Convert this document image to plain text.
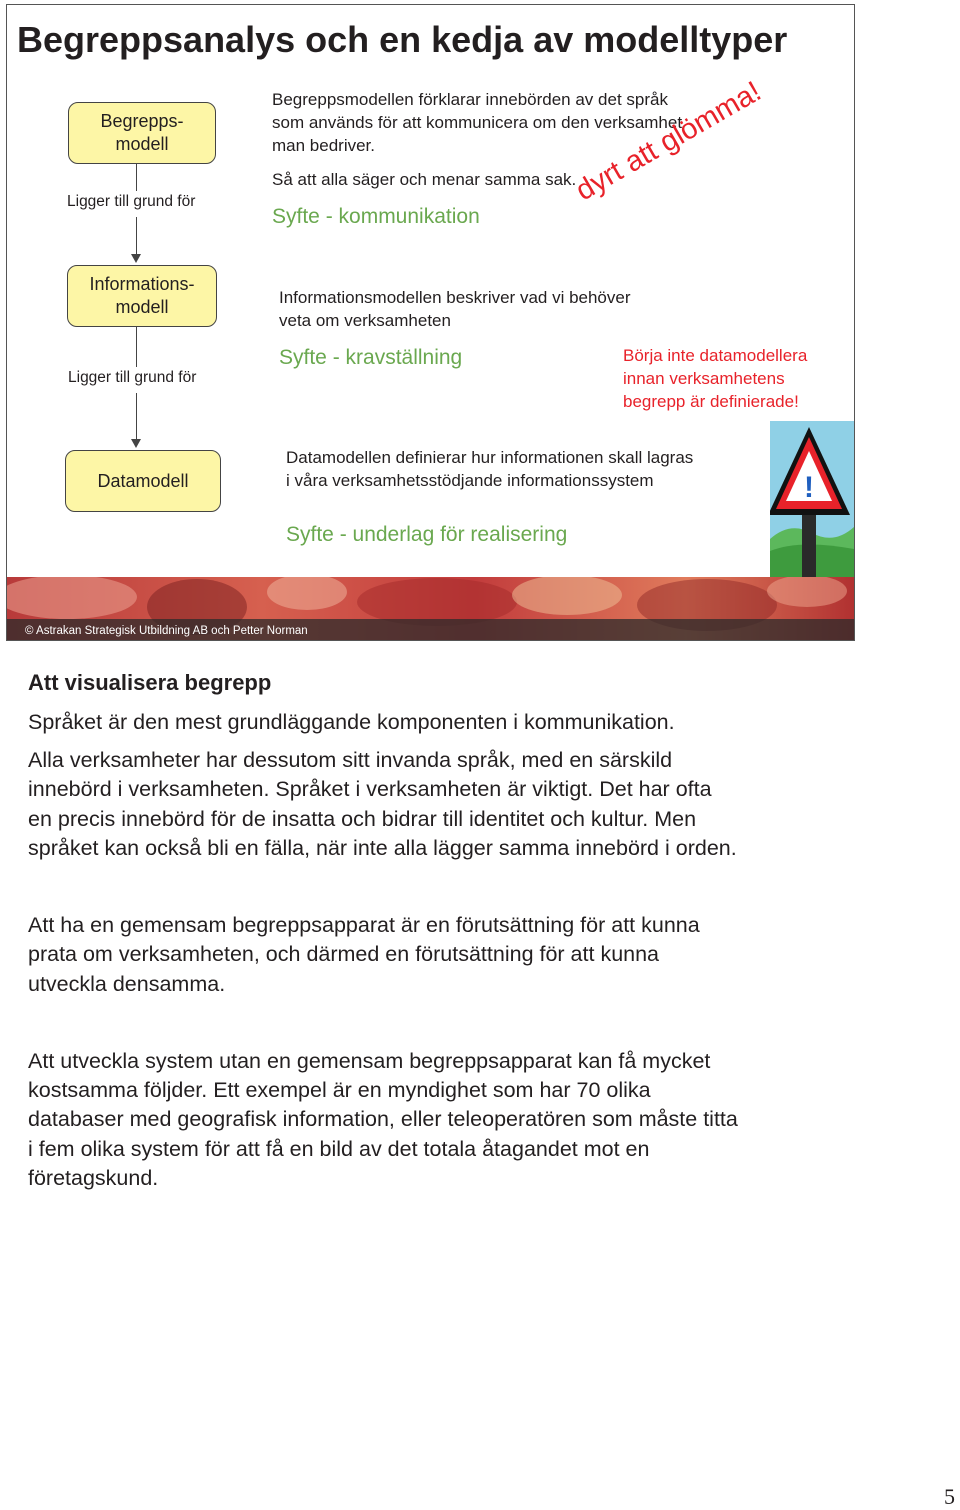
Begreppsanalys och en kedja av modelltyper
Begrepps-
modell
Ligger till grund för
Informations-
modell
Ligger till grund för
Datamodell

Begreppsmodellen förklarar innebörden av det språk

som används för att kommunicera om den verksamhet

man bedriver.

Så att alla säger och menar samma sak.

Syfte - kommunikation

dyrt att glömma!

Informationsmodellen beskriver vad vi behöver

veta om verksamheten

Syfte - kravställning	Börja inte datamodellera

innan verksamhetens

begrepp är definierade!

Datamodellen definierar hur informationen skall lagras

i våra verksamhetsstödjande informationssystem

Syfte - underlag för realisering

!
© Astrakan Strategisk Utbildning AB och Petter Norman
Att visualisera begrepp

Språket är den mest grundläggande komponenten i kommunikation.

Alla verksamheter har dessutom sitt invanda språk, med en särskild

innebörd i verksamheten. Språket i verksamheten är viktigt. Det har ofta

en precis innebörd för de insatta och bidrar till identitet och kultur. Men

språket kan också bli en fälla, när inte alla lägger samma innebörd i orden.

Att ha en gemensam begreppsapparat är en förutsättning för att kunna

prata om verksamheten, och därmed en förutsättning för att kunna

utveckla densamma.

Att utveckla system utan en gemensam begreppsapparat kan få mycket

kostsamma följder. Ett exempel är en myndighet som har 70 olika

databaser med geografisk information, eller teleoperatören som måste titta

i fem olika system för att få en bild av det totala åtagandet mot en

företagskund.

5
